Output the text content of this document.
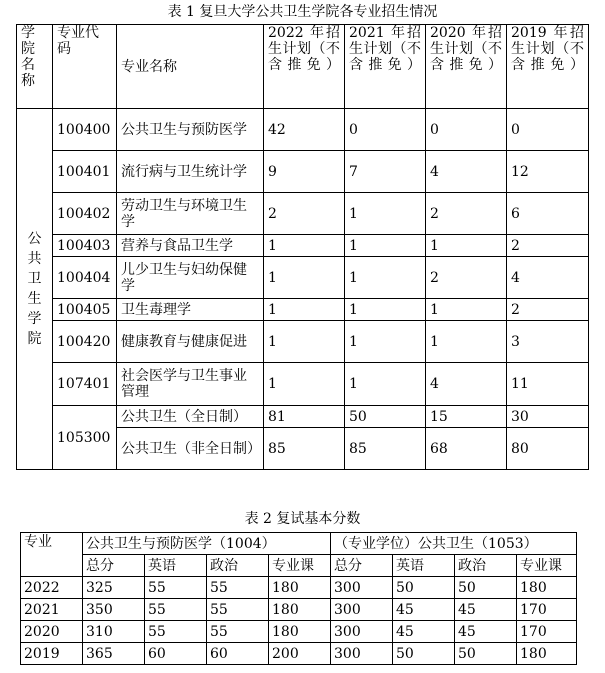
表 1 复旦大学公共卫生学院各专业招生情况
学院名称	专业代码	专业名称	2022 年招生计划（不含推免）	2021 年招生计划（不含推免）	2020 年招生计划（不含推免）	2019 年招生计划（不含推免）

公共卫生学院	100400	公共卫生与预防医学	42	0	0	0
	100401	流行病与卫生统计学	9	7	4	12
	100402	劳动卫生与环境卫生学	2	1	2	6
	100403	营养与食品卫生学	1	1	1	2
	100404	儿少卫生与妇幼保健学	1	1	2	4
	100405	卫生毒理学	1	1	1	2
	100420	健康教育与健康促进	1	1	1	3
	107401	社会医学与卫生事业管理	1	1	4	11
	105300	公共卫生（全日制）	81	50	15	30
		公共卫生（非全日制）	85	85	68	80
表 2 复试基本分数
专业	公共卫生与预防医学（1004）				（专业学位）公共卫生（1053）			
	总分	英语	政治	专业课	总分	英语	政治	专业课
2022	325	55	55	180	300	50	50	180
2021	350	55	55	180	300	45	45	170
2020	310	55	55	180	300	45	45	170
2019	365	60	60	200	300	50	50	180
